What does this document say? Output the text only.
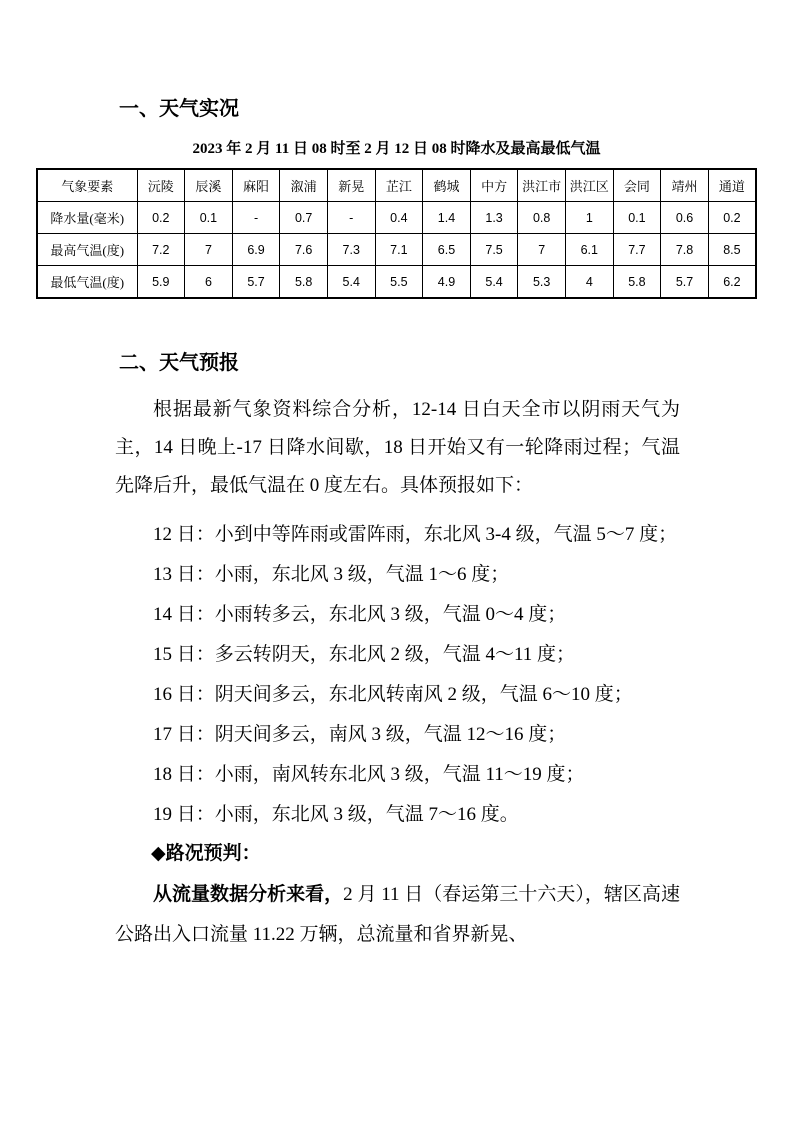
一、天气实况
2023 年 2 月 11 日 08 时至 2 月 12 日 08 时降水及最高最低气温
气象要素	沅陵	辰溪	麻阳	溆浦	新晃	芷江	鹤城	中方	洪江市	洪江区	会同	靖州	通道
降水量(毫米)	0.2	0.1	-	0.7	-	0.4	1.4	1.3	0.8	1	0.1	0.6	0.2
最高气温(度)	7.2	7	6.9	7.6	7.3	7.1	6.5	7.5	7	6.1	7.7	7.8	8.5
最低气温(度)	5.9	6	5.7	5.8	5.4	5.5	4.9	5.4	5.3	4	5.8	5.7	6.2
二、天气预报

根据最新气象资料综合分析，12-14 日白天全市以阴雨天气为主，14 日晚上-17 日降水间歇，18 日开始又有一轮降雨过程；气温先降后升，最低气温在 0 度左右。具体预报如下：

12 日：小到中等阵雨或雷阵雨，东北风 3-4 级，气温 5～7 度；
13 日：小雨，东北风 3 级，气温 1～6 度；
14 日：小雨转多云，东北风 3 级，气温 0～4 度；
15 日：多云转阴天，东北风 2 级，气温 4～11 度；
16 日：阴天间多云，东北风转南风 2 级，气温 6～10 度；
17 日：阴天间多云，南风 3 级，气温 12～16 度；
18 日：小雨，南风转东北风 3 级，气温 11～19 度；
19 日：小雨，东北风 3 级，气温 7～16 度。
◆路况预判：

从流量数据分析来看，2 月 11 日（春运第三十六天），辖区高速公路出入口流量 11.22 万辆，总流量和省界新晃、
